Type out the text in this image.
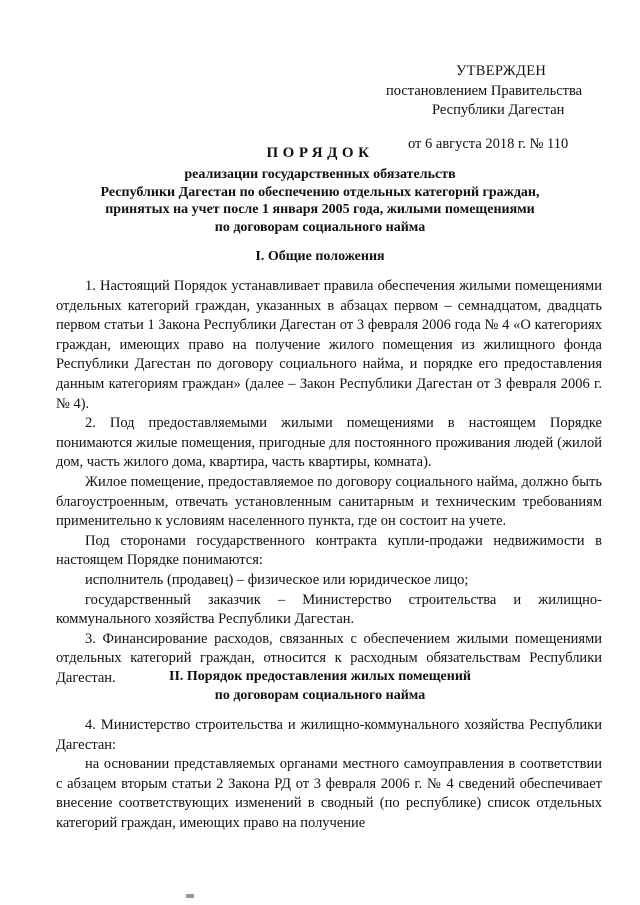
УТВЕРЖДЕН
постановлением Правительства
Республики Дагестан
от 6 августа 2018 г. № 110
ПОРЯДОК
реализации государственных обязательств
Республики Дагестан по обеспечению отдельных категорий граждан,
принятых на учет после 1 января 2005 года, жилыми помещениями
по договорам социального найма
I. Общие положения

1. Настоящий Порядок устанавливает правила обеспечения жилыми помещениями отдельных категорий граждан, указанных в абзацах первом – семнадцатом, двадцать первом статьи 1 Закона Республики Дагестан от 3 февраля 2006 года № 4 «О категориях граждан, имеющих право на получение жилого помещения из жилищного фонда Республики Дагестан по договору социального найма, и порядке его предоставления данным категориям граждан» (далее – Закон Республики Дагестан от 3 февраля 2006 г. № 4).

2. Под предоставляемыми жилыми помещениями в настоящем Порядке понимаются жилые помещения, пригодные для постоянного проживания людей (жилой дом, часть жилого дома, квартира, часть квартиры, комната).

Жилое помещение, предоставляемое по договору социального найма, должно быть благоустроенным, отвечать установленным санитарным и техническим требованиям применительно к условиям населенного пункта, где он состоит на учете.

Под сторонами государственного контракта купли-продажи недвижимости в настоящем Порядке понимаются:

исполнитель (продавец) – физическое или юридическое лицо;

государственный заказчик – Министерство строительства и жилищно-коммунального хозяйства Республики Дагестан.

3. Финансирование расходов, связанных с обеспечением жилыми помещениями отдельных категорий граждан, относится к расходным обязательствам Республики Дагестан.	II. Порядок предоставления жилых помещений
по договорам социального найма

4. Министерство строительства и жилищно-коммунального хозяйства Республики Дагестан:

на основании представляемых органами местного самоуправления в соответствии с абзацем вторым статьи 2 Закона РД от 3 февраля 2006 г. № 4 сведений обеспечивает внесение соответствующих изменений в сводный (по республике) список отдельных категорий граждан, имеющих право на получение
